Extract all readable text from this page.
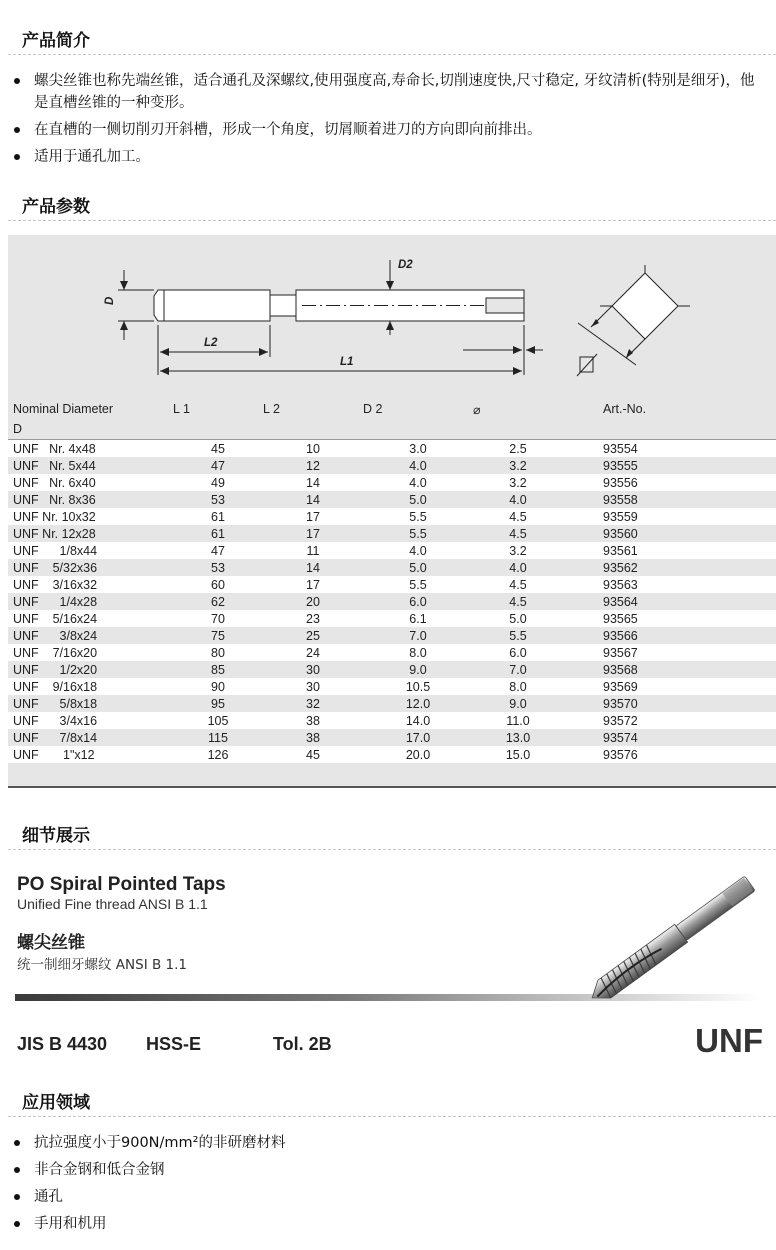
产品简介
螺尖丝锥也称先端丝锥，适合通孔及深螺纹,使用强度高,寿命长,切削速度快,尺寸稳定, 牙纹清析(特别是细牙)，他是直槽丝锥的一种变形。
在直槽的一侧切削刃开斜槽，形成一个角度，切屑顺着进刀的方向即向前排出。
适用于通孔加工。
产品参数
D
D2
L2
L1
Nominal Diameter	L 1	L 2	D 2	⌀	Art.-No.
D					
UNF   Nr. 4x48	45	10	3.0	2.5	93554
UNF   Nr. 5x44	47	12	4.0	3.2	93555
UNF   Nr. 6x40	49	14	4.0	3.2	93556
UNF   Nr. 8x36	53	14	5.0	4.0	93558
UNF Nr. 10x32	61	17	5.5	4.5	93559
UNF Nr. 12x28	61	17	5.5	4.5	93560
UNF      1/8x44	47	11	4.0	3.2	93561
UNF    5/32x36	53	14	5.0	4.0	93562
UNF    3/16x32	60	17	5.5	4.5	93563
UNF      1/4x28	62	20	6.0	4.5	93564
UNF    5/16x24	70	23	6.1	5.0	93565
UNF      3/8x24	75	25	7.0	5.5	93566
UNF    7/16x20	80	24	8.0	6.0	93567
UNF      1/2x20	85	30	9.0	7.0	93568
UNF    9/16x18	90	30	10.5	8.0	93569
UNF      5/8x18	95	32	12.0	9.0	93570
UNF      3/4x16	105	38	14.0	11.0	93572
UNF      7/8x14	115	38	17.0	13.0	93574
UNF       1"x12	126	45	20.0	15.0	93576
细节展示
PO Spiral Pointed Taps
Unified Fine thread ANSI B 1.1
螺尖丝锥
统一制细牙螺纹 ANSI B 1.1
JIS B 4430 HSS-E	Tol. 2B	UNF
应用领域
抗拉强度小于900N/mm²的非研磨材料
非合金钢和低合金钢
通孔
手用和机用
